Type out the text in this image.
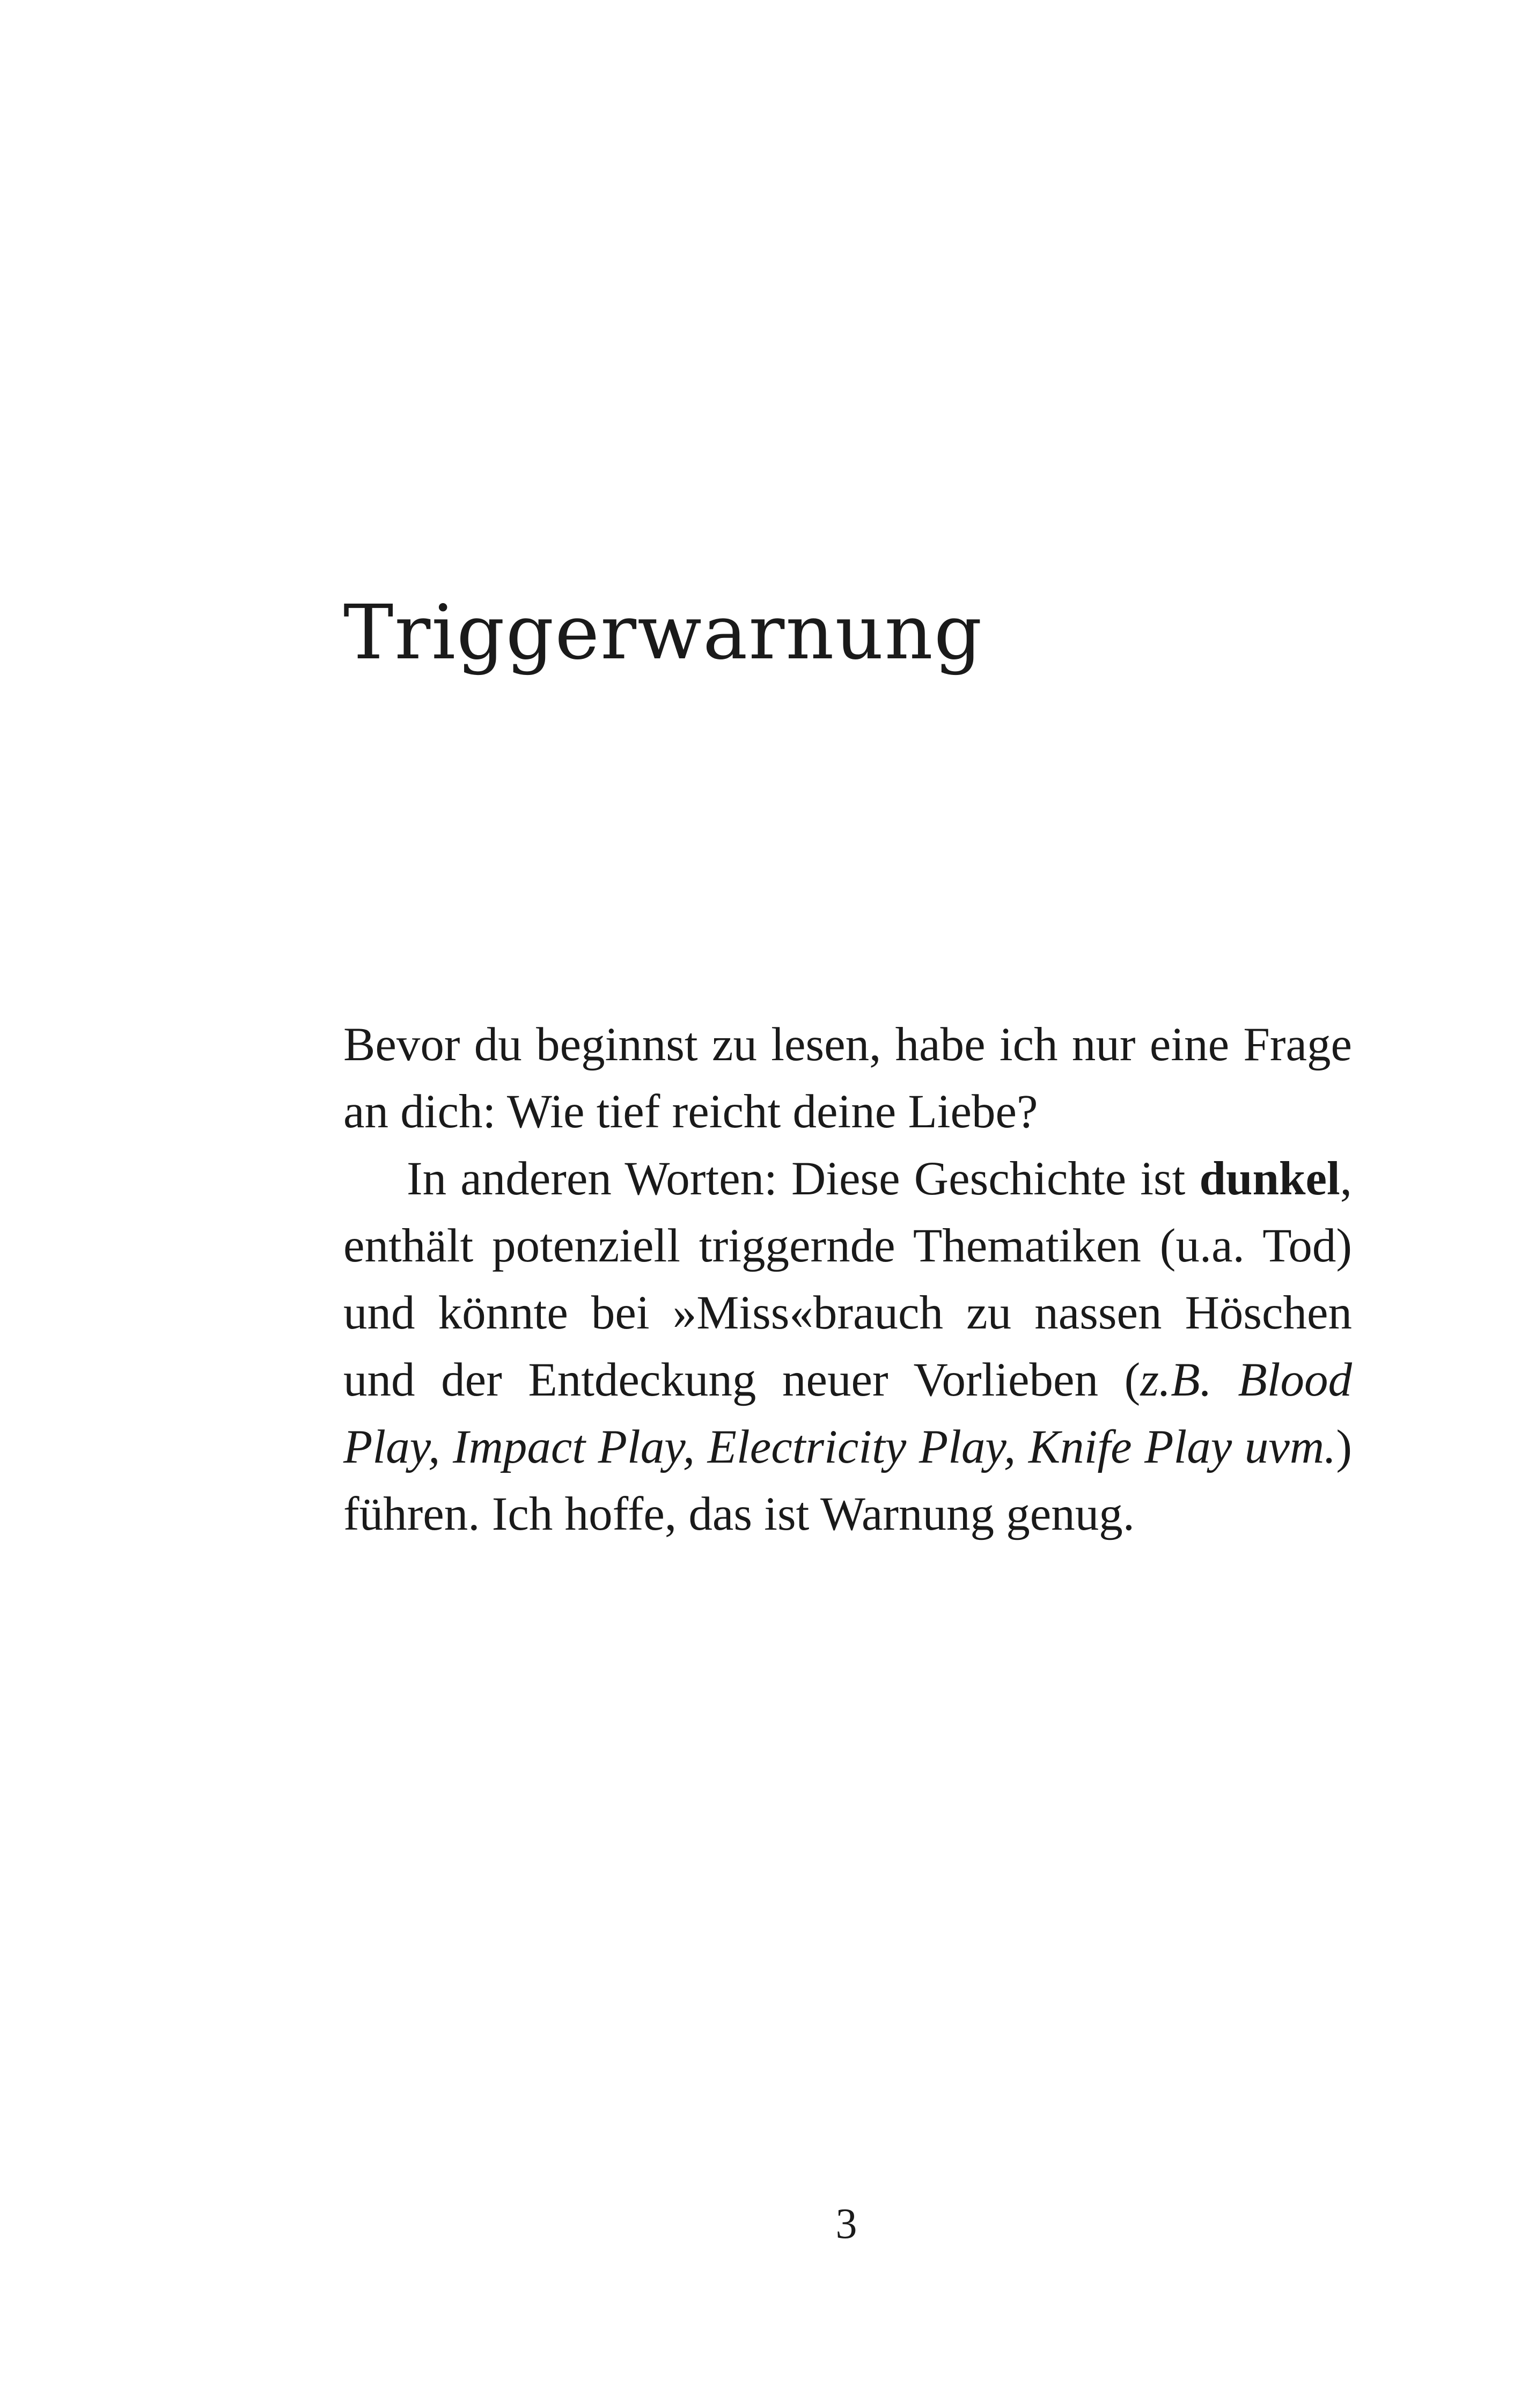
Triggerwarnung

Bevor du beginnst zu lesen, habe ich nur eine Frage an dich: Wie tief reicht deine Liebe?

In anderen Worten: Diese Geschichte ist dunkel, enthält potenziell triggernde Thematiken (u.a. Tod) und könnte bei »Miss«brauch zu nassen Höschen und der Entdeckung neuer Vorlieben (z.B. Blood Play, Impact Play, Electricity Play, Knife Play uvm.) führen. Ich hoffe, das ist Warnung genug.

3
